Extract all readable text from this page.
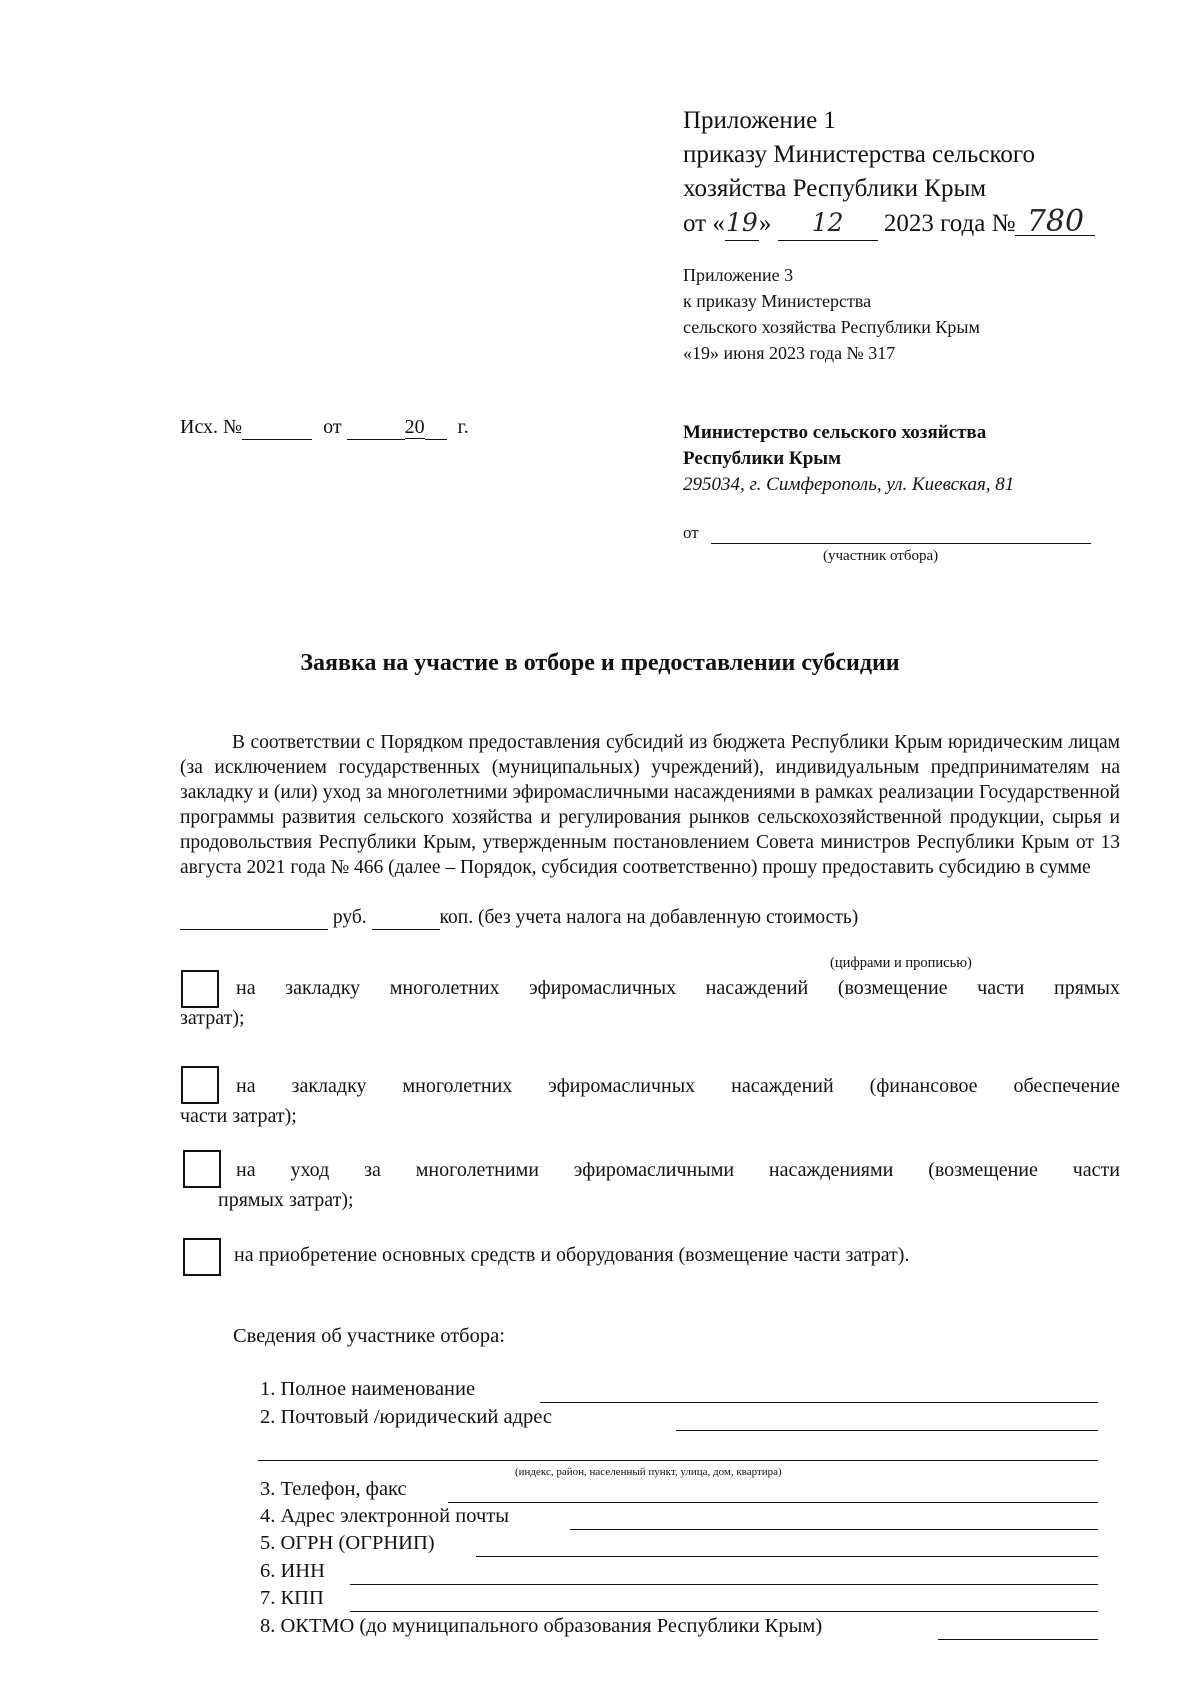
Приложение 1
приказу Министерства сельского
хозяйства Республики Крым
от «19» 12 2023 года № 780
Приложение 3
к приказу Министерства
сельского хозяйства Республики Крым
«19» июня 2023 года № 317
Исх. №	от	20 г.	Министерство сельского хозяйства
Республики Крым
295034, г. Симферополь, ул. Киевская, 81
от
(участник отбора)
Заявка на участие в отборе и предоставлении субсидии

В соответствии с Порядком предоставления субсидий из бюджета Республики Крым юридическим лицам (за исключением государственных (муниципальных) учреждений), индивидуальным предпринимателям на закладку и (или) уход за многолетними эфиромасличными насаждениями в рамках реализации Государственной программы развития сельского хозяйства и регулирования рынков сельскохозяйственной продукции, сырья и продовольствия Республики Крым, утвержденным постановлением Совета министров Республики Крым от 13 августа 2021 года № 466 (далее – Порядок, субсидия соответственно) прошу предоставить субсидию в сумме

руб.	коп. (без учета налога на добавленную стоимость)
(цифрами и прописью)
на закладку многолетних эфиромасличных насаждений (возмещение части прямых
затрат);
на закладку многолетних эфиромасличных насаждений (финансовое обеспечение
части затрат);
на уход за многолетними эфиромасличными насаждениями (возмещение части
прямых затрат);
на приобретение основных средств и оборудования (возмещение части затрат).
Сведения об участнике отбора:
1. Полное наименование
2. Почтовый /юридический адрес
(индекс, район, населенный пункт, улица, дом, квартира)
3. Телефон, факс
4. Адрес электронной почты
5. ОГРН (ОГРНИП)
6. ИНН
7. КПП
8. ОКТМО (до муниципального образования Республики Крым)
